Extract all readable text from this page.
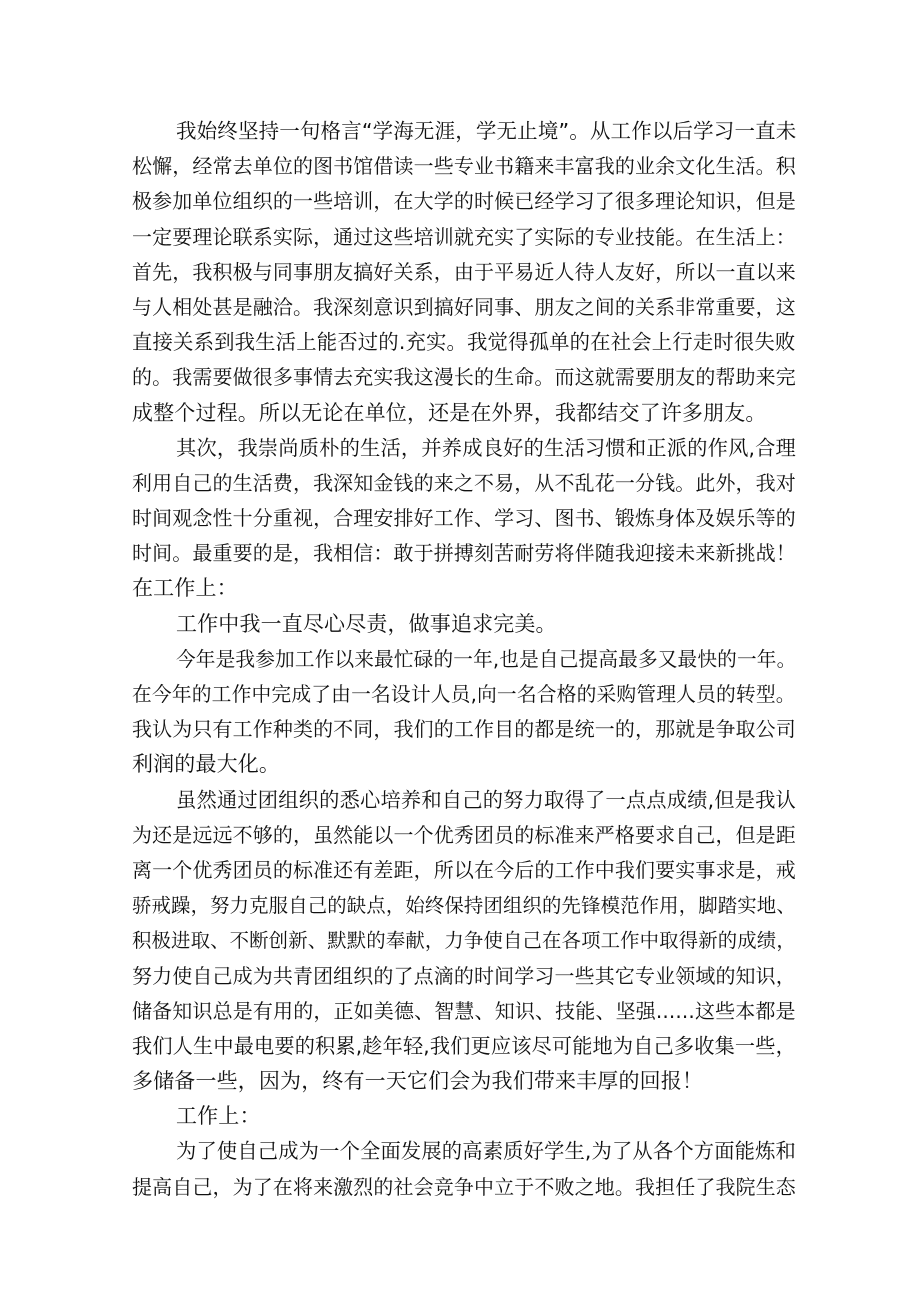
我始终坚持一句格言“学海无涯，学无止境”。从工作以后学习一直未
松懈，经常去单位的图书馆借读一些专业书籍来丰富我的业余文化生活。积
极参加单位组织的一些培训，在大学的时候已经学习了很多理论知识，但是
一定要理论联系实际，通过这些培训就充实了实际的专业技能。在生活上：
首先，我积极与同事朋友搞好关系，由于平易近人待人友好，所以一直以来
与人相处甚是融洽。我深刻意识到搞好同事、朋友之间的关系非常重要，这
直接关系到我生活上能否过的.充实。我觉得孤单的在社会上行走时很失败
的。我需要做很多事情去充实我这漫长的生命。而这就需要朋友的帮助来完
成整个过程。所以无论在单位，还是在外界，我都结交了许多朋友。
其次，我崇尚质朴的生活，并养成良好的生活习惯和正派的作风,合理
利用自己的生活费，我深知金钱的来之不易，从不乱花一分钱。此外，我对
时间观念性十分重视，合理安排好工作、学习、图书、锻炼身体及娱乐等的
时间。最重要的是，我相信：敢于拼搏刻苦耐劳将伴随我迎接未来新挑战！
在工作上：
工作中我一直尽心尽责，做事追求完美。
今年是我参加工作以来最忙碌的一年,也是自己提高最多又最快的一年。
在今年的工作中完成了由一名设计人员,向一名合格的采购管理人员的转型。
我认为只有工作种类的不同，我们的工作目的都是统一的，那就是争取公司
利润的最大化。
虽然通过团组织的悉心培养和自己的努力取得了一点点成绩,但是我认
为还是远远不够的，虽然能以一个优秀团员的标准来严格要求自己，但是距
离一个优秀团员的标准还有差距，所以在今后的工作中我们要实事求是，戒
骄戒躁，努力克服自己的缺点，始终保持团组织的先锋模范作用，脚踏实地、
积极进取、不断创新、默默的奉献，力争使自己在各项工作中取得新的成绩，
努力使自己成为共青团组织的了点滴的时间学习一些其它专业领域的知识，
储备知识总是有用的，正如美德、智慧、知识、技能、坚强......这些本都是
我们人生中最电要的积累,趁年轻,我们更应该尽可能地为自己多收集一些，
多储备一些，因为，终有一天它们会为我们带来丰厚的回报！
工作上：
为了使自己成为一个全面发展的高素质好学生,为了从各个方面能炼和
提高自己，为了在将来激烈的社会竞争中立于不败之地。我担任了我院生态
